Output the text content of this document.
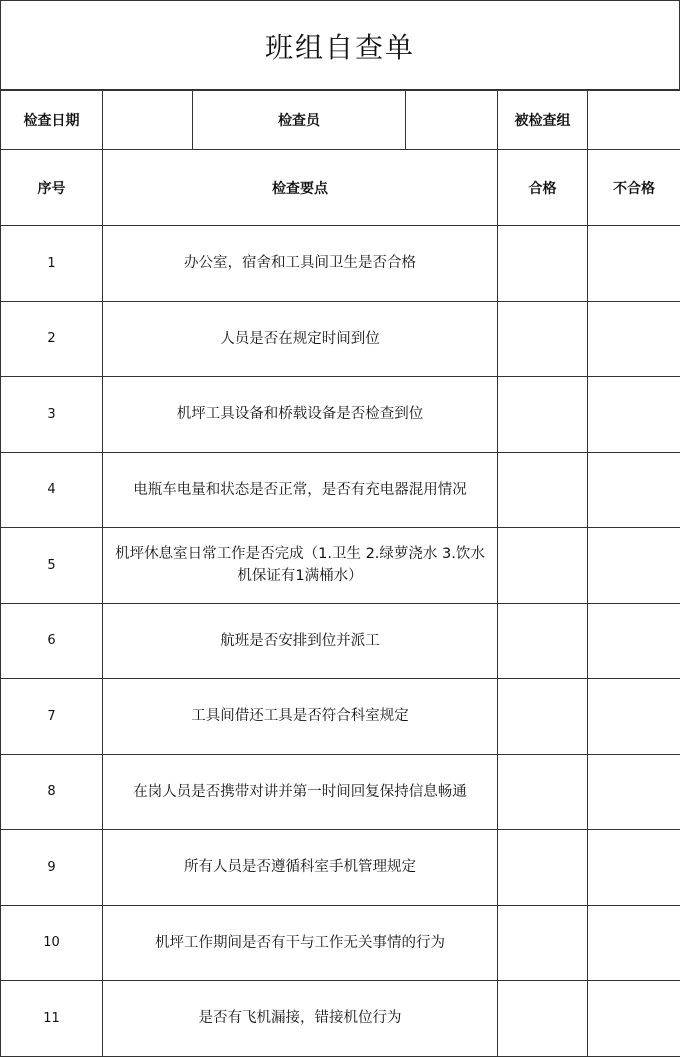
班组自查单
检查日期		检查员		被检查组		
序号	检查要点			合格	不合格	
1	办公室，宿舍和工具间卫生是否合格					
2	人员是否在规定时间到位					
3	机坪工具设备和桥载设备是否检查到位					
4	电瓶车电量和状态是否正常，是否有充电器混用情况					
5	机坪休息室日常工作是否完成（1.卫生 2.绿萝浇水 3.饮水机保证有1满桶水）					
6	航班是否安排到位并派工					
7	工具间借还工具是否符合科室规定					
8	在岗人员是否携带对讲并第一时间回复保持信息畅通					
9	所有人员是否遵循科室手机管理规定					
10	机坪工作期间是否有干与工作无关事情的行为					
11	是否有飞机漏接，错接机位行为					
